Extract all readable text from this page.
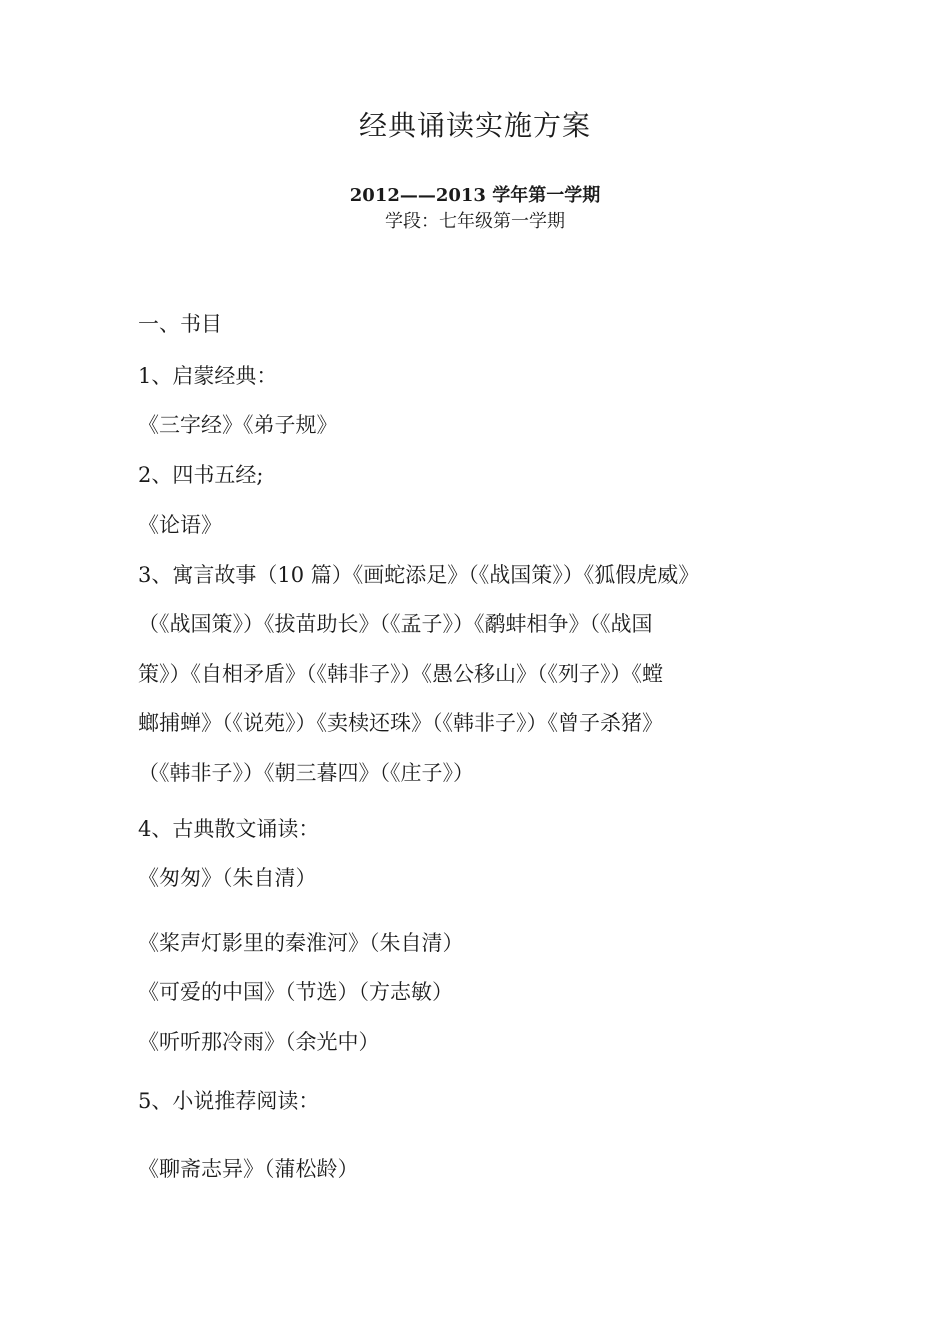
经典诵读实施方案
2012——2013 学年第一学期
学段：七年级第一学期
一、书目
1、启蒙经典：
《三字经》《弟子规》
2、四书五经;
《论语》
3、寓言故事（10 篇）《画蛇添足》（《战国策》）《狐假虎威》
（《战国策》）《拔苗助长》（《孟子》）《鹬蚌相争》（《战国
策》）《自相矛盾》（《韩非子》）《愚公移山》（《列子》）《螳
螂捕蝉》（《说苑》）《卖椟还珠》（《韩非子》）《曾子杀猪》
（《韩非子》）《朝三暮四》（《庄子》）
4、古典散文诵读：
《匆匆》（朱自清）
《桨声灯影里的秦淮河》（朱自清）
《可爱的中国》（节选）（方志敏）
《听听那冷雨》（余光中）
5、小说推荐阅读：
《聊斋志异》（蒲松龄）
